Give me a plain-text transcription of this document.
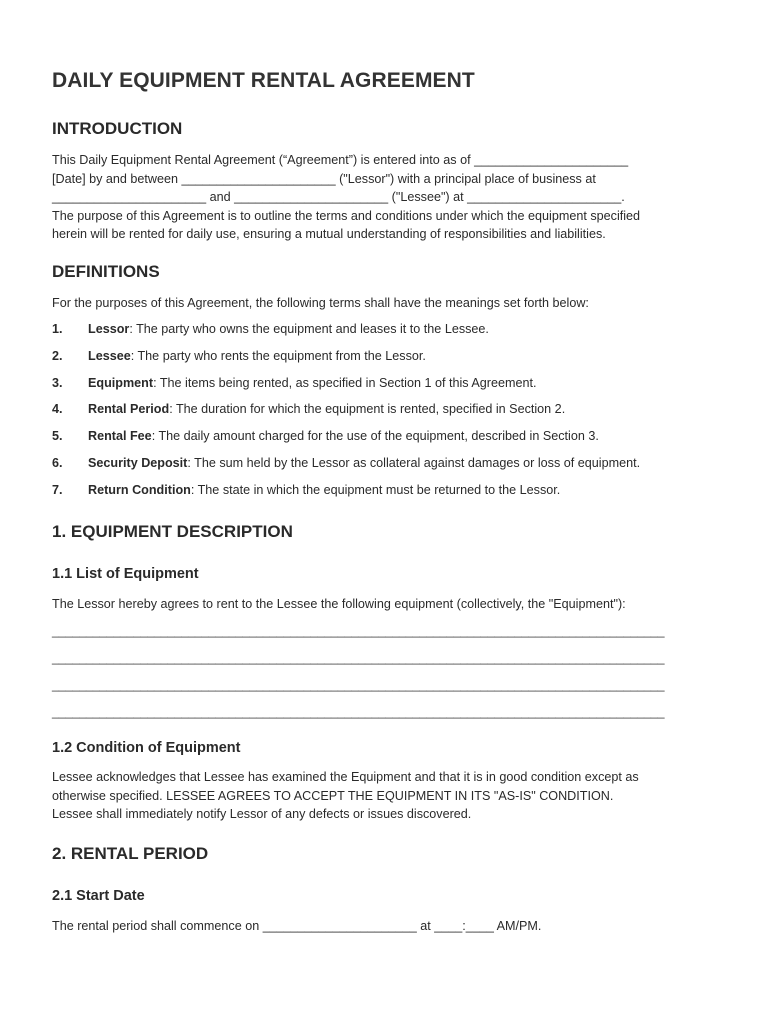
DAILY EQUIPMENT RENTAL AGREEMENT
INTRODUCTION

This Daily Equipment Rental Agreement (“Agreement”) is entered into as of ______________________

[Date] by and between ______________________ ("Lessor") with a principal place of business at

______________________ and ______________________ ("Lessee") at ______________________.

The purpose of this Agreement is to outline the terms and conditions under which the equipment specified

herein will be rented for daily use, ensuring a mutual understanding of responsibilities and liabilities.

DEFINITIONS
For the purposes of this Agreement, the following terms shall have the meanings set forth below:
1. Lessor: The party who owns the equipment and leases it to the Lessee.
2. Lessee: The party who rents the equipment from the Lessor.
3. Equipment: The items being rented, as specified in Section 1 of this Agreement.
4. Rental Period: The duration for which the equipment is rented, specified in Section 2.
5. Rental Fee: The daily amount charged for the use of the equipment, described in Section 3.
6. Security Deposit: The sum held by the Lessor as collateral against damages or loss of equipment.
7. Return Condition: The state in which the equipment must be returned to the Lessor.
1. EQUIPMENT DESCRIPTION
1.1 List of Equipment
The Lessor hereby agrees to rent to the Lessee the following equipment (collectively, the "Equipment"):
__________________________________________________________________________________________
__________________________________________________________________________________________
__________________________________________________________________________________________
__________________________________________________________________________________________
1.2 Condition of Equipment

Lessee acknowledges that Lessee has examined the Equipment and that it is in good condition except as

otherwise specified. LESSEE AGREES TO ACCEPT THE EQUIPMENT IN ITS "AS-IS" CONDITION.

Lessee shall immediately notify Lessor of any defects or issues discovered.

2. RENTAL PERIOD
2.1 Start Date
The rental period shall commence on ______________________ at ____:____ AM/PM.
